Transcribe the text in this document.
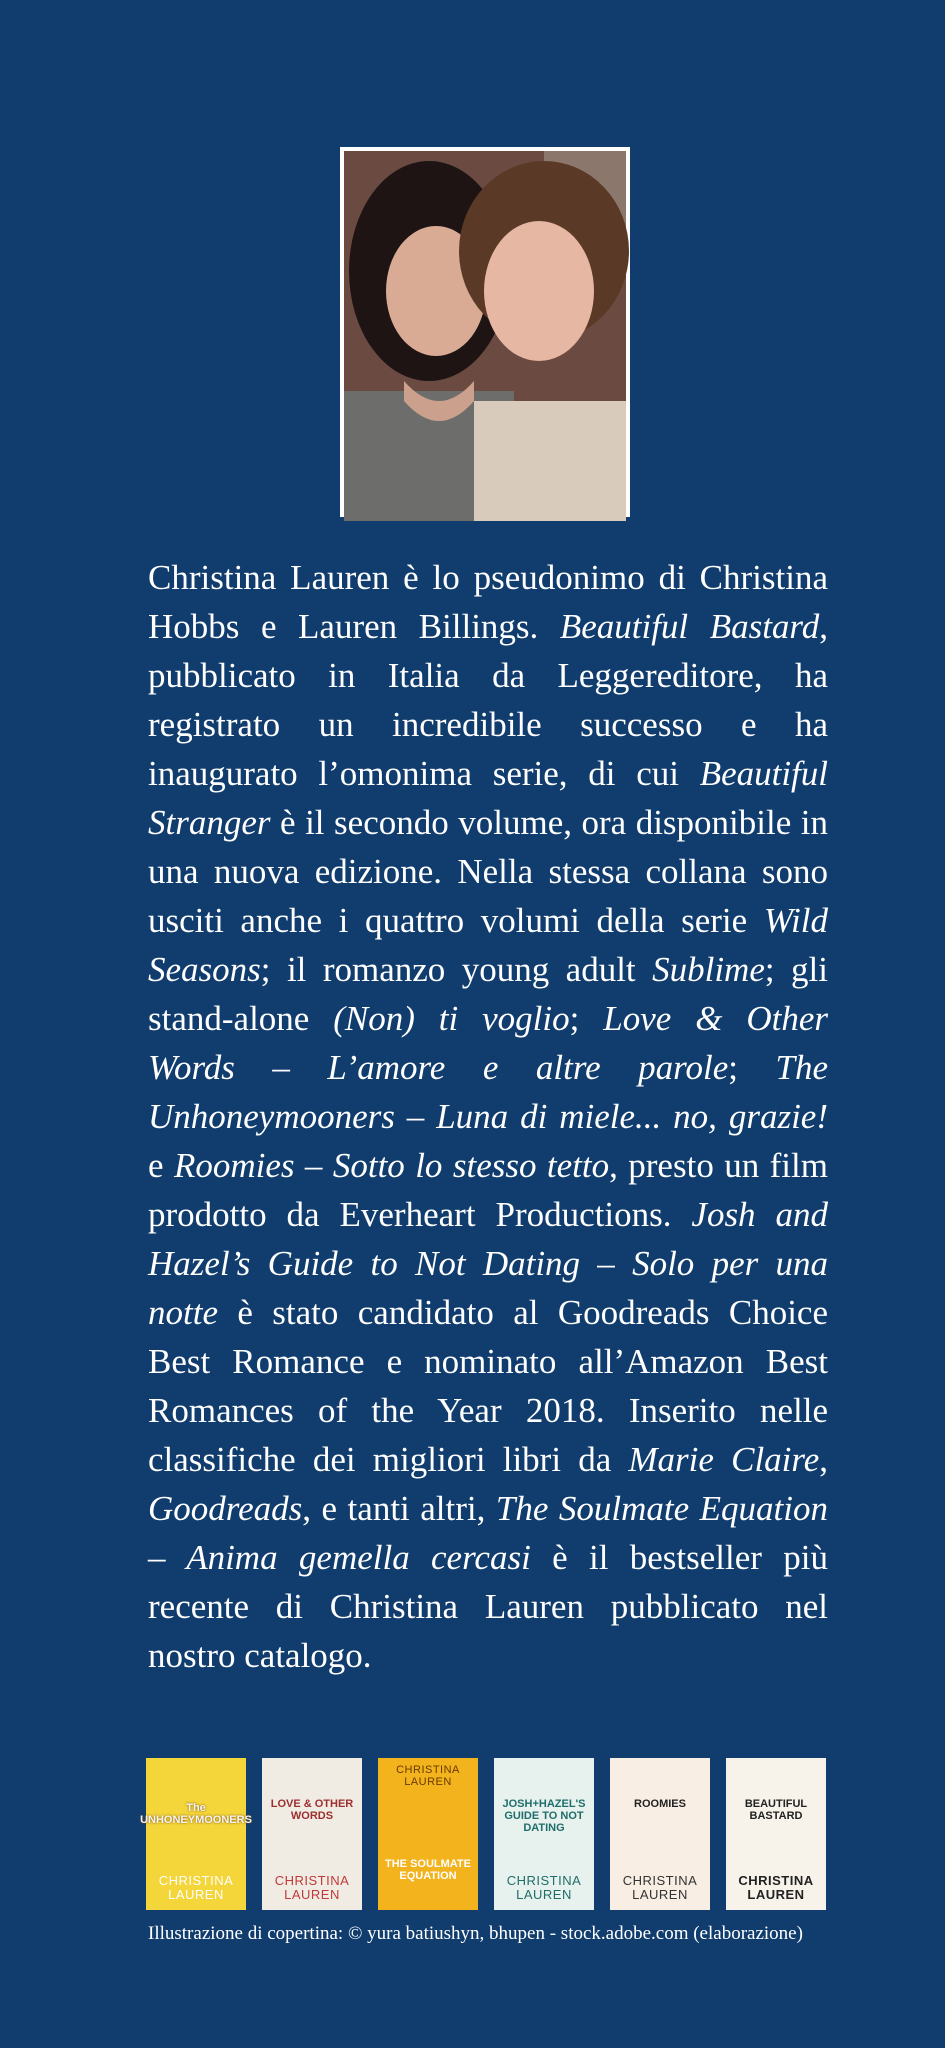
Christina Lauren è lo pseudonimo di Christina Hobbs e Lauren Billings. Beautiful Bastard, pubblicato in Italia da Leggereditore, ha registrato un incredibile successo e ha inaugurato l’omonima serie, di cui Beautiful Stranger è il secondo volume, ora disponibile in una nuova edizione. Nella stessa collana sono usciti anche i quattro volumi della serie Wild Seasons; il romanzo young adult Sublime; gli stand-alone (Non) ti voglio; Love & Other Words – L’amore e altre parole; The Unhoneymooners – Luna di miele... no, grazie! e Roomies – Sotto lo stesso tetto, presto un film prodotto da Everheart Productions. Josh and Hazel’s Guide to Not Dating – Solo per una notte è stato candidato al Goodreads Choice Best Romance e nominato all’Amazon Best Romances of the Year 2018. Inserito nelle classifiche dei migliori libri da Marie Claire, Goodreads, e tanti altri, The Soulmate Equation – Anima gemella cercasi è il bestseller più recente di Christina Lauren pubblicato nel nostro catalogo.

The UNHONEYMOONERS
CHRISTINA LAUREN
LOVE & OTHER WORDS
CHRISTINA LAUREN
CHRISTINA LAUREN
THE SOULMATE EQUATION
JOSH+HAZEL'S GUIDE TO NOT DATING
CHRISTINA LAUREN
ROOMIES
CHRISTINA LAUREN
BEAUTIFUL BASTARD
CHRISTINA LAUREN

Illustrazione di copertina: © yura batiushyn, bhupen - stock.adobe.com (elaborazione)
